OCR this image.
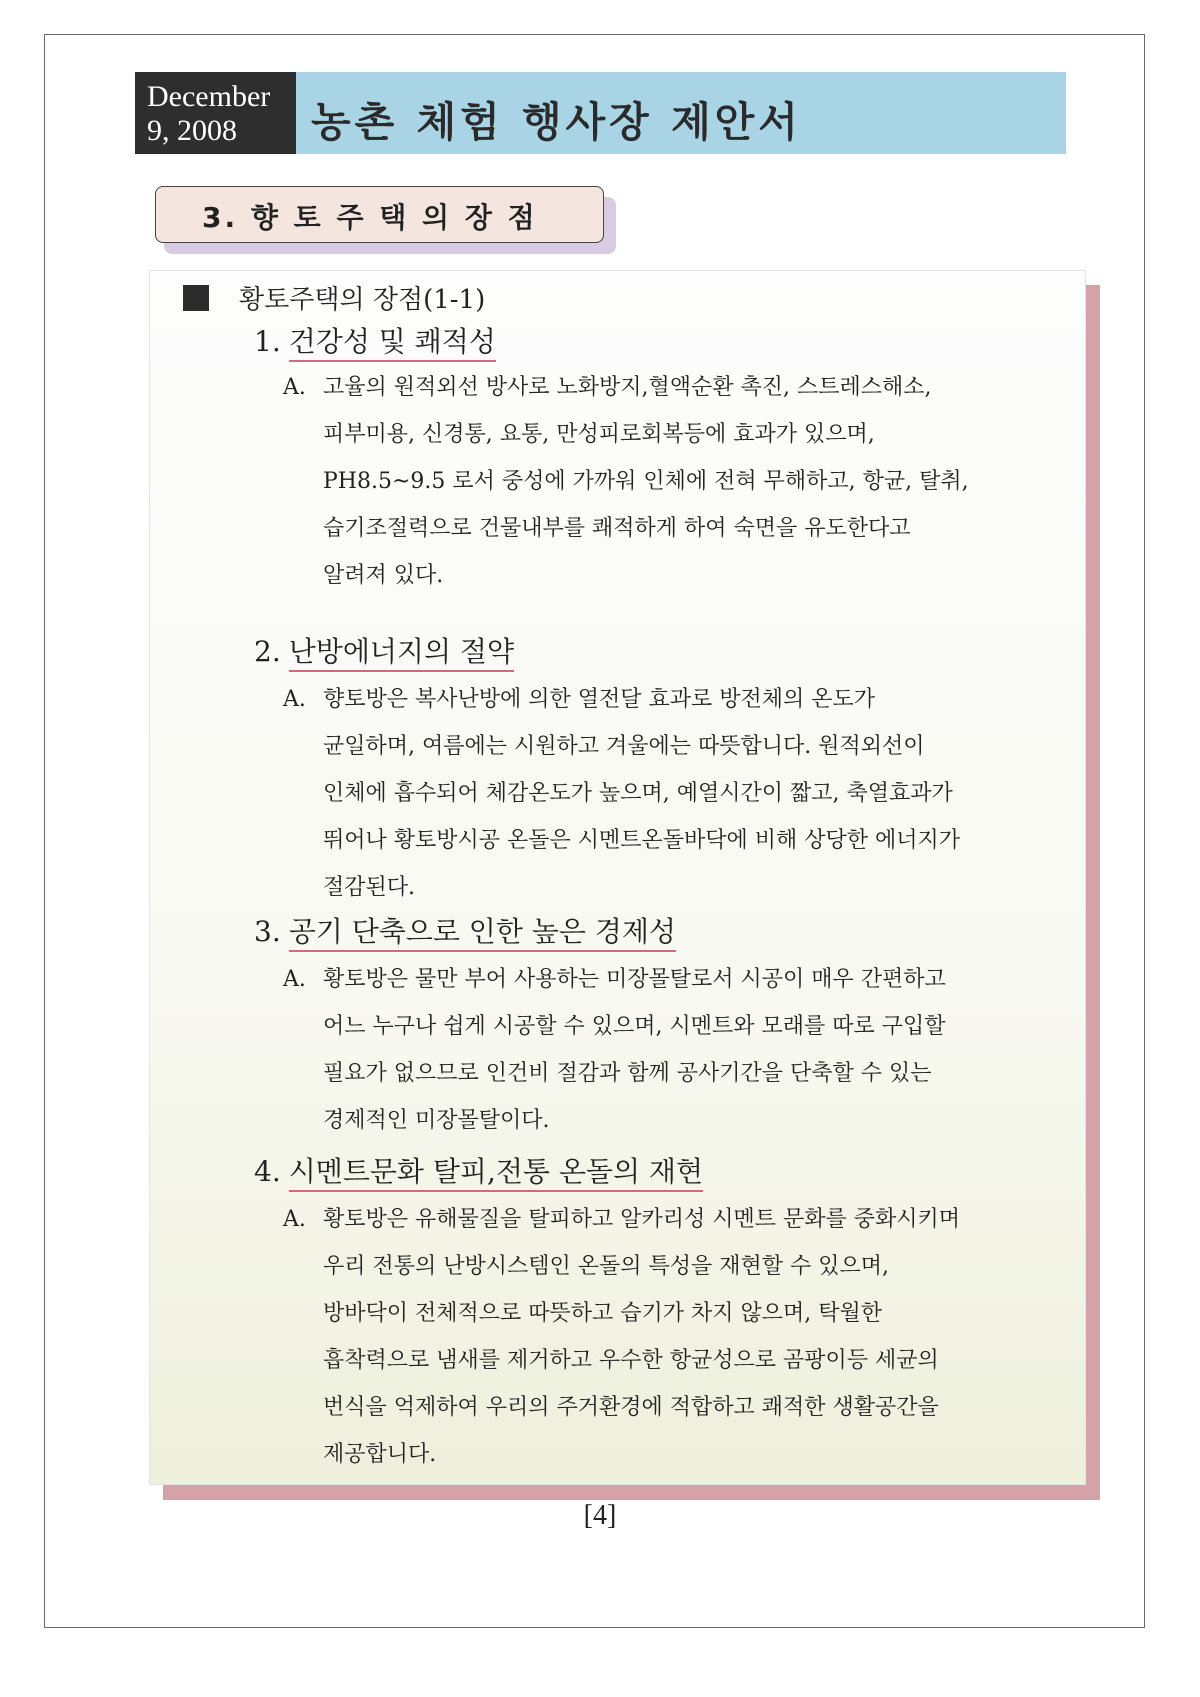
December
9, 2008	농촌 체험 행사장 제안서
3. 향 토 주 택 의 장 점
황토주택의 장점(1-1)
1. 건강성 및 쾌적성
A. 고율의 원적외선 방사로 노화방지,혈액순환 촉진, 스트레스해소,
피부미용, 신경통, 요통, 만성피로회복등에 효과가 있으며,
PH8.5~9.5 로서 중성에 가까워 인체에 전혀 무해하고, 항균, 탈취,
습기조절력으로 건물내부를 쾌적하게 하여 숙면을 유도한다고
알려져 있다.
2. 난방에너지의 절약
A. 향토방은 복사난방에 의한 열전달 효과로 방전체의 온도가
균일하며, 여름에는 시원하고 겨울에는 따뜻합니다. 원적외선이
인체에 흡수되어 체감온도가 높으며, 예열시간이 짧고, 축열효과가
뛰어나 황토방시공 온돌은 시멘트온돌바닥에 비해 상당한 에너지가
절감된다.
3. 공기 단축으로 인한 높은 경제성
A. 황토방은 물만 부어 사용하는 미장몰탈로서 시공이 매우 간편하고
어느 누구나 쉽게 시공할 수 있으며, 시멘트와 모래를 따로 구입할
필요가 없으므로 인건비 절감과 함께 공사기간을 단축할 수 있는
경제적인 미장몰탈이다.
4. 시멘트문화 탈피,전통 온돌의 재현
A. 황토방은 유해물질을 탈피하고 알카리성 시멘트 문화를 중화시키며
우리 전통의 난방시스템인 온돌의 특성을 재현할 수 있으며,
방바닥이 전체적으로 따뜻하고 습기가 차지 않으며, 탁월한
흡착력으로 냄새를 제거하고 우수한 항균성으로 곰팡이등 세균의
번식을 억제하여 우리의 주거환경에 적합하고 쾌적한 생활공간을
제공합니다.
[4]
